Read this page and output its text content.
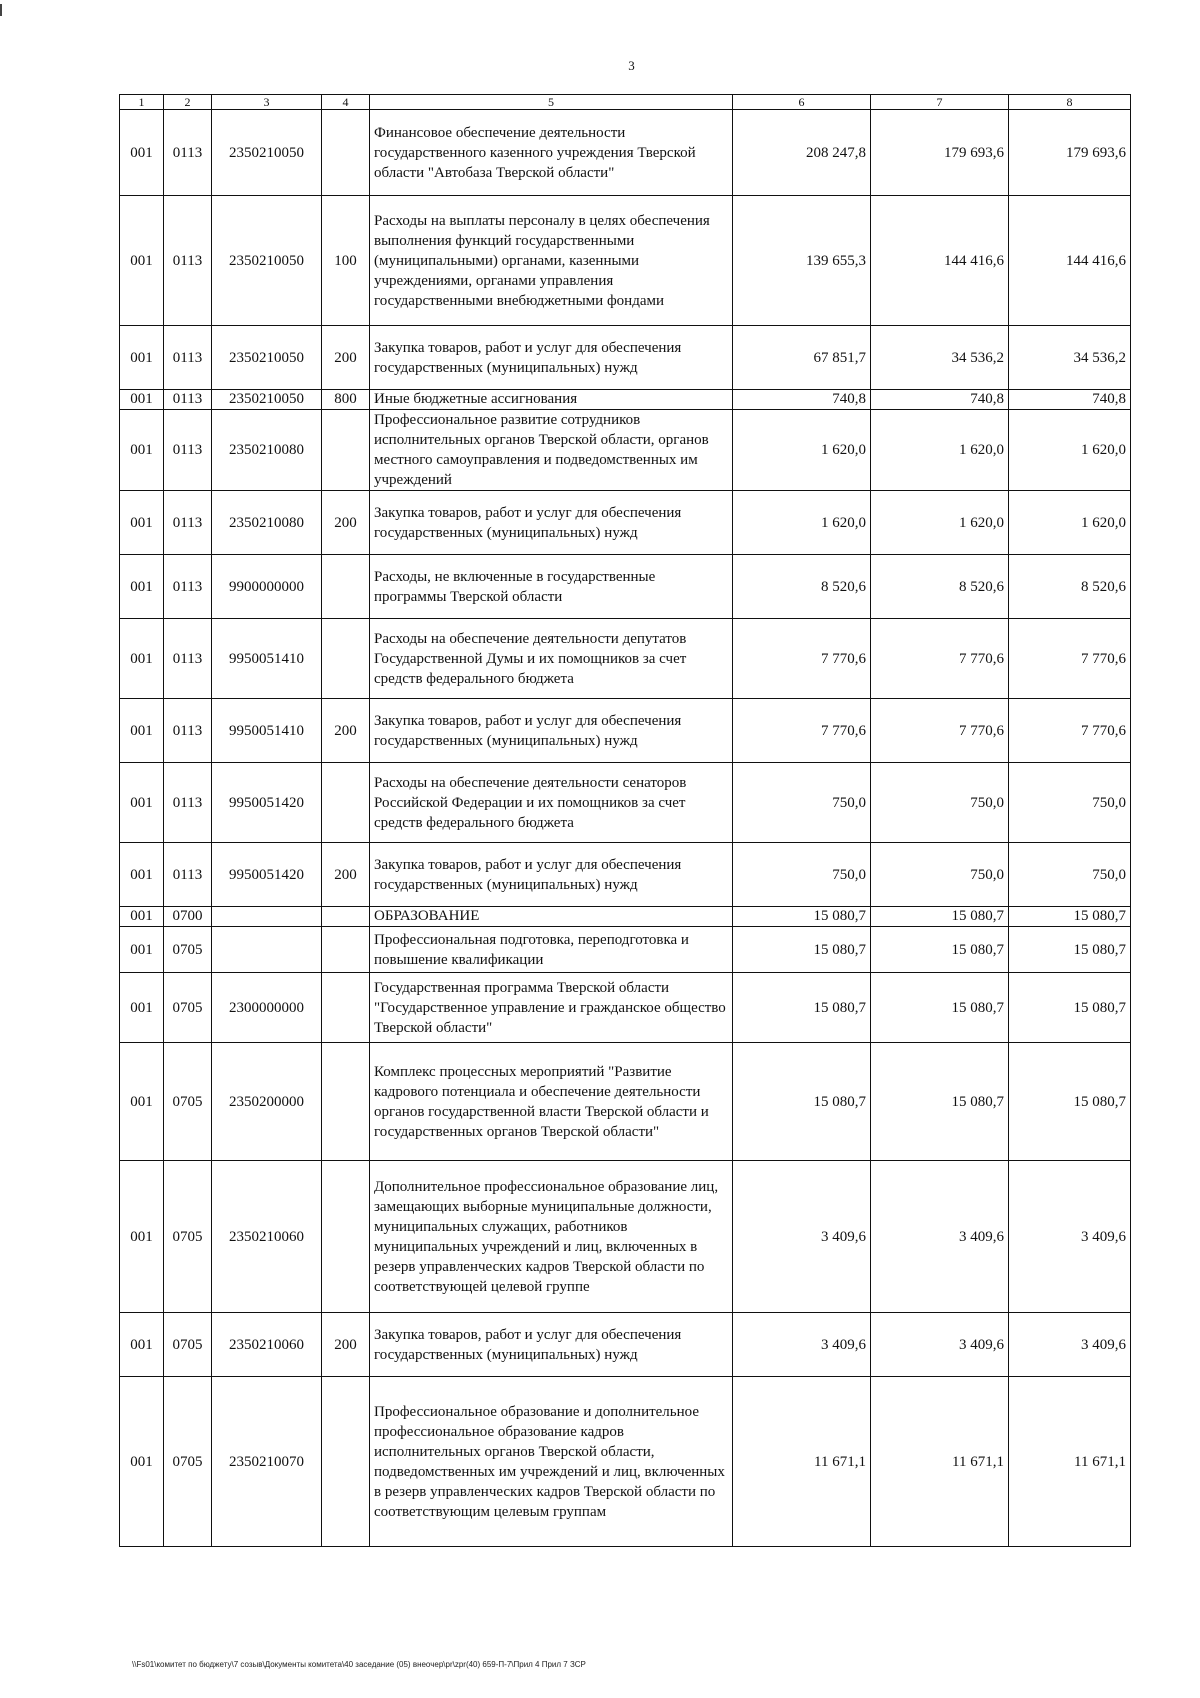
3
1	2	3	4	5	6	7	8
001	0113	2350210050		Финансовое обеспечение деятельности государственного казенного учреждения Тверской области "Автобаза Тверской области"	208 247,8	179 693,6	179 693,6
001	0113	2350210050	100	Расходы на выплаты персоналу в целях обеспечения выполнения функций государственными (муниципальными) органами, казенными учреждениями, органами управления государственными внебюджетными фондами	139 655,3	144 416,6	144 416,6
001	0113	2350210050	200	Закупка товаров, работ и услуг для обеспечения государственных (муниципальных) нужд	67 851,7	34 536,2	34 536,2
001	0113	2350210050	800	Иные бюджетные ассигнования	740,8	740,8	740,8
001	0113	2350210080		Профессиональное развитие сотрудников исполнительных органов Тверской области, органов местного самоуправления и подведомственных им учреждений	1 620,0	1 620,0	1 620,0
001	0113	2350210080	200	Закупка товаров, работ и услуг для обеспечения государственных (муниципальных) нужд	1 620,0	1 620,0	1 620,0
001	0113	9900000000		Расходы, не включенные в государственные программы Тверской области	8 520,6	8 520,6	8 520,6
001	0113	9950051410		Расходы на обеспечение деятельности депутатов Государственной Думы и их помощников за счет средств федерального бюджета	7 770,6	7 770,6	7 770,6
001	0113	9950051410	200	Закупка товаров, работ и услуг для обеспечения государственных (муниципальных) нужд	7 770,6	7 770,6	7 770,6
001	0113	9950051420		Расходы на обеспечение деятельности сенаторов Российской Федерации и их помощников за счет средств федерального бюджета	750,0	750,0	750,0
001	0113	9950051420	200	Закупка товаров, работ и услуг для обеспечения государственных (муниципальных) нужд	750,0	750,0	750,0
001	0700			ОБРАЗОВАНИЕ	15 080,7	15 080,7	15 080,7
001	0705			Профессиональная подготовка, переподготовка и повышение квалификации	15 080,7	15 080,7	15 080,7
001	0705	2300000000		Государственная программа Тверской области "Государственное управление и гражданское общество Тверской области"	15 080,7	15 080,7	15 080,7
001	0705	2350200000		Комплекс процессных мероприятий "Развитие кадрового потенциала и обеспечение деятельности органов государственной власти Тверской области и государственных органов Тверской области"	15 080,7	15 080,7	15 080,7
001	0705	2350210060		Дополнительное профессиональное образование лиц, замещающих выборные муниципальные должности, муниципальных служащих, работников муниципальных учреждений и лиц, включенных в резерв управленческих кадров Тверской области по соответствующей целевой группе	3 409,6	3 409,6	3 409,6
001	0705	2350210060	200	Закупка товаров, работ и услуг для обеспечения государственных (муниципальных) нужд	3 409,6	3 409,6	3 409,6
001	0705	2350210070		Профессиональное образование и дополнительное профессиональное образование кадров исполнительных органов Тверской области, подведомственных им учреждений и лиц, включенных в резерв управленческих кадров Тверской области по соответствующим целевым группам	11 671,1	11 671,1	11 671,1
\\Fs01\комитет по бюджету\7 созыв\Документы комитета\40 заседание (05) внеочер\pr\zpr(40) 659-П-7\Прил 4 Прил 7 ЗСР
